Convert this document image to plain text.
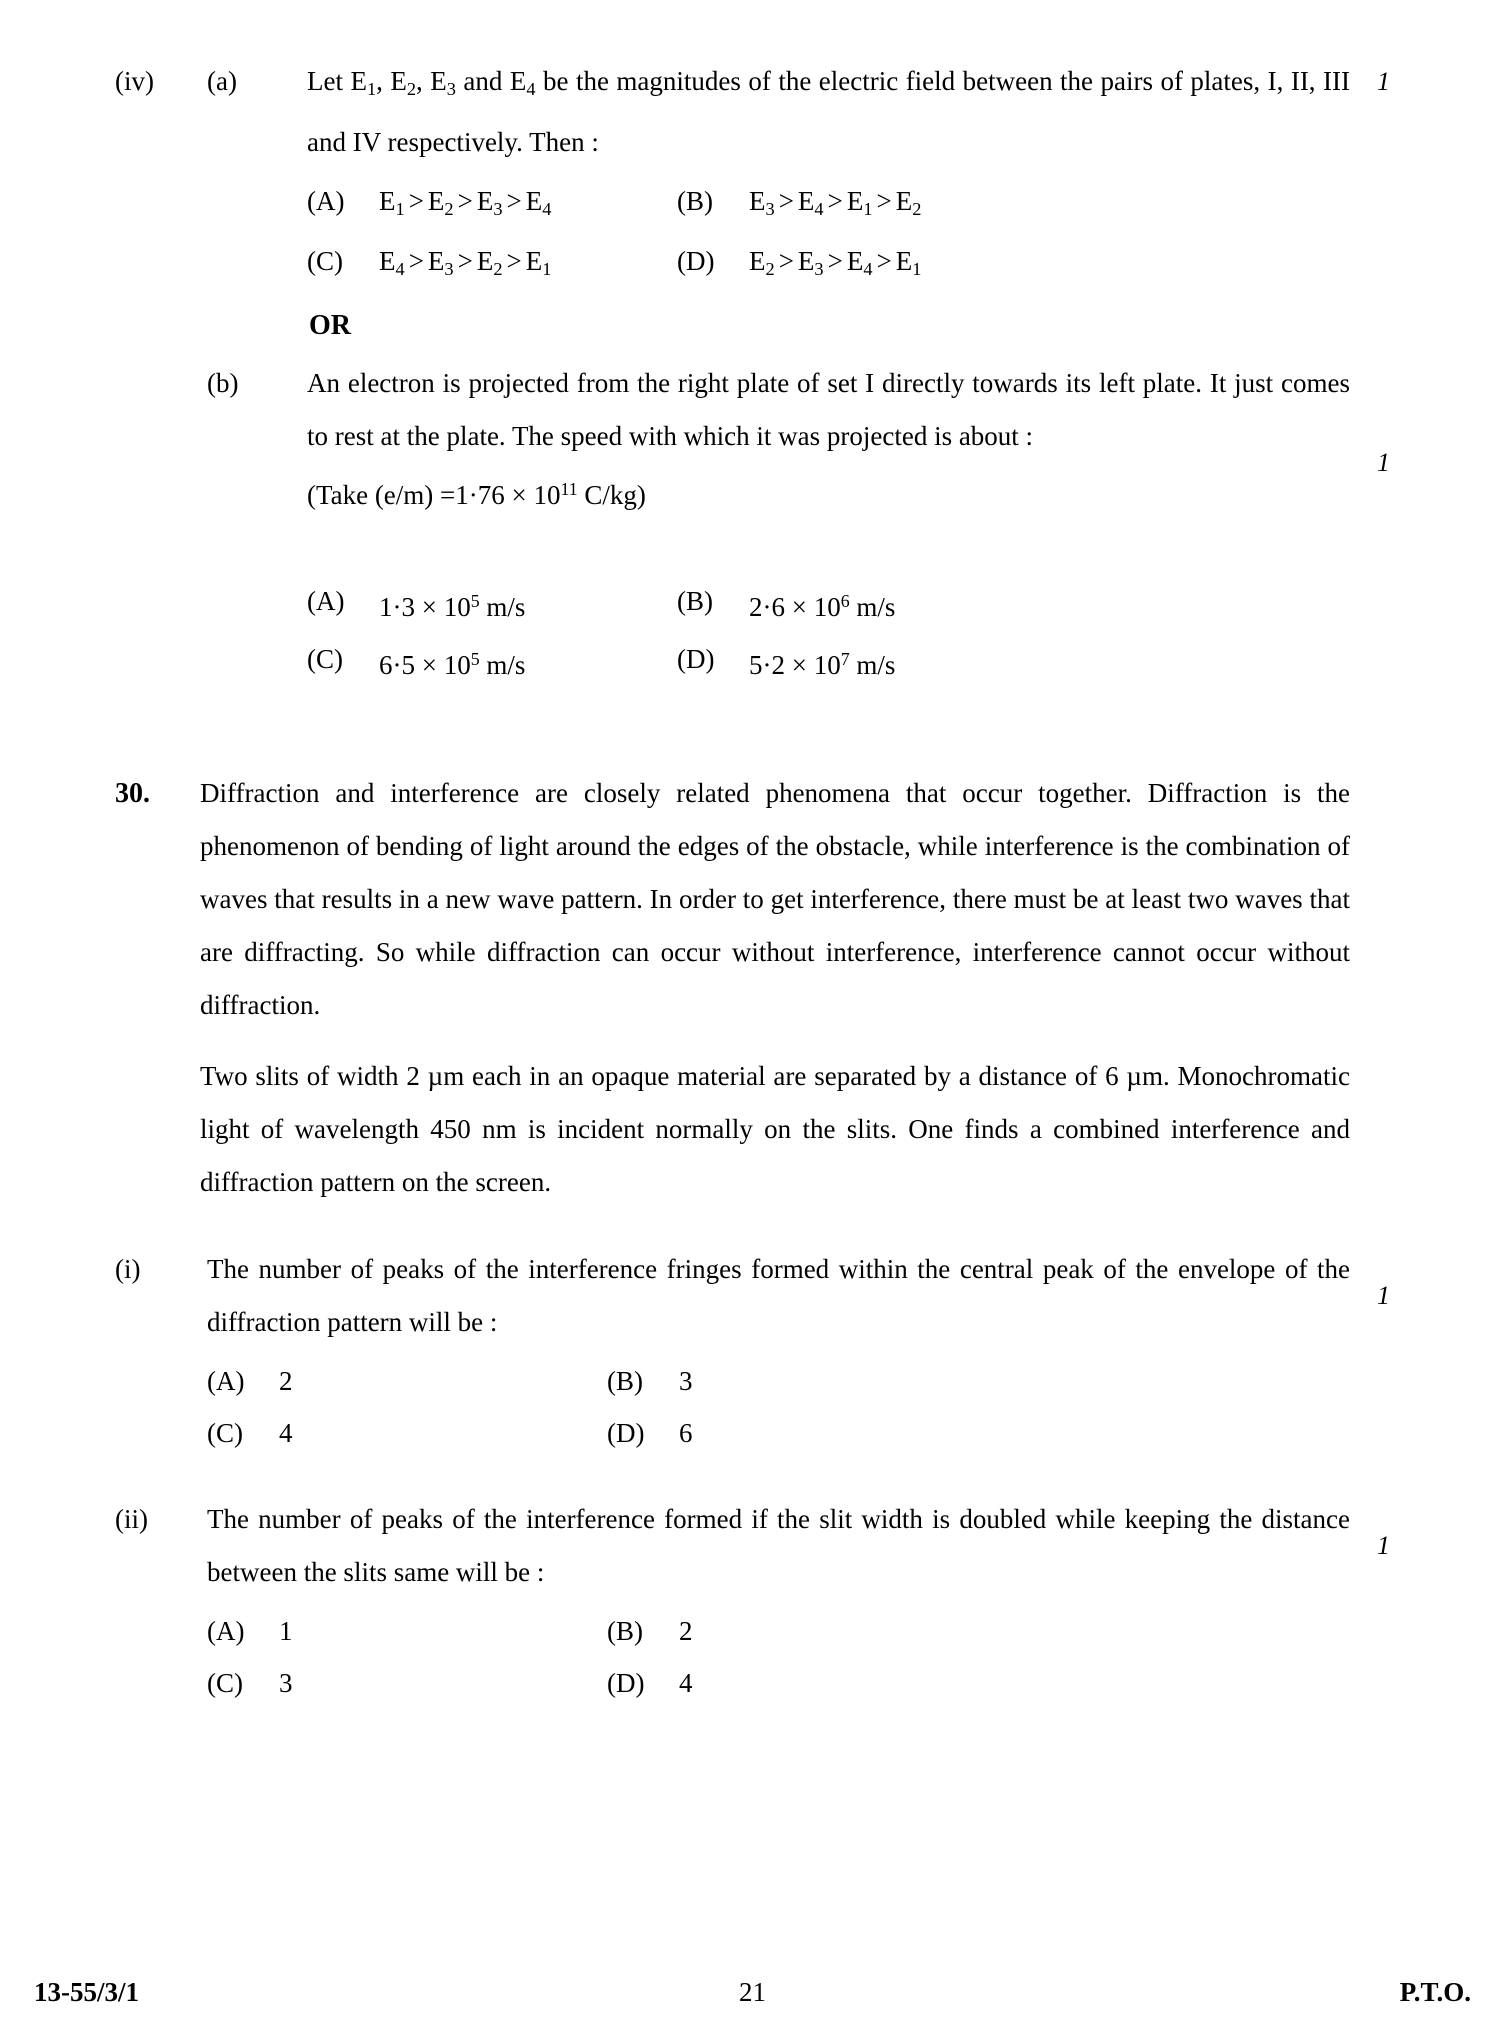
(iv)	(a)	Let $E_1$, $E_2$, $E_3$ and $E_4$ be the magnitudes of the electric field between the pairs of plates, I, II, III and IV respectively. Then :

1
(A)	$E_1 > E_2 > E_3 > E_4$	(B)	$E_3 > E_4 > E_1 > E_2$
(C)	$E_4 > E_3 > E_2 > E_1$	(D)	$E_2 > E_3 > E_4 > E_1$
OR
(b)	An electron is projected from the right plate of set I directly towards its left plate. It just comes to rest at the plate. The speed with which it was projected is about :

(Take $(e/m) =1\cdot 76 \times 10^{11}$ C/kg)

1
(A)	$1\cdot 3 \times 10^5$ m/s	(B)	$2\cdot 6 \times 10^6$ m/s
(C)	$6\cdot 5 \times 10^5$ m/s	(D)	$5\cdot 2 \times 10^7$ m/s
30.	Diffraction and interference are closely related phenomena that occur together. Diffraction is the phenomenon of bending of light around the edges of the obstacle, while interference is the combination of waves that results in a new wave pattern. In order to get interference, there must be at least two waves that are diffracting. So while diffraction can occur without interference, interference cannot occur without diffraction.

Two slits of width 2 µm each in an opaque material are separated by a distance of 6 µm. Monochromatic light of wavelength 450 nm is incident normally on the slits. One finds a combined interference and diffraction pattern on the screen.

(i)	The number of peaks of the interference fringes formed within the central peak of the envelope of the diffraction pattern will be :

1
(A)	2	(B)	3
(C)	4	(D)	6
(ii)	The number of peaks of the interference formed if the slit width is doubled while keeping the distance between the slits same will be :

1
(A)	1	(B)	2
(C)	3	(D)	4
13-55/3/1	21	P.T.O.
